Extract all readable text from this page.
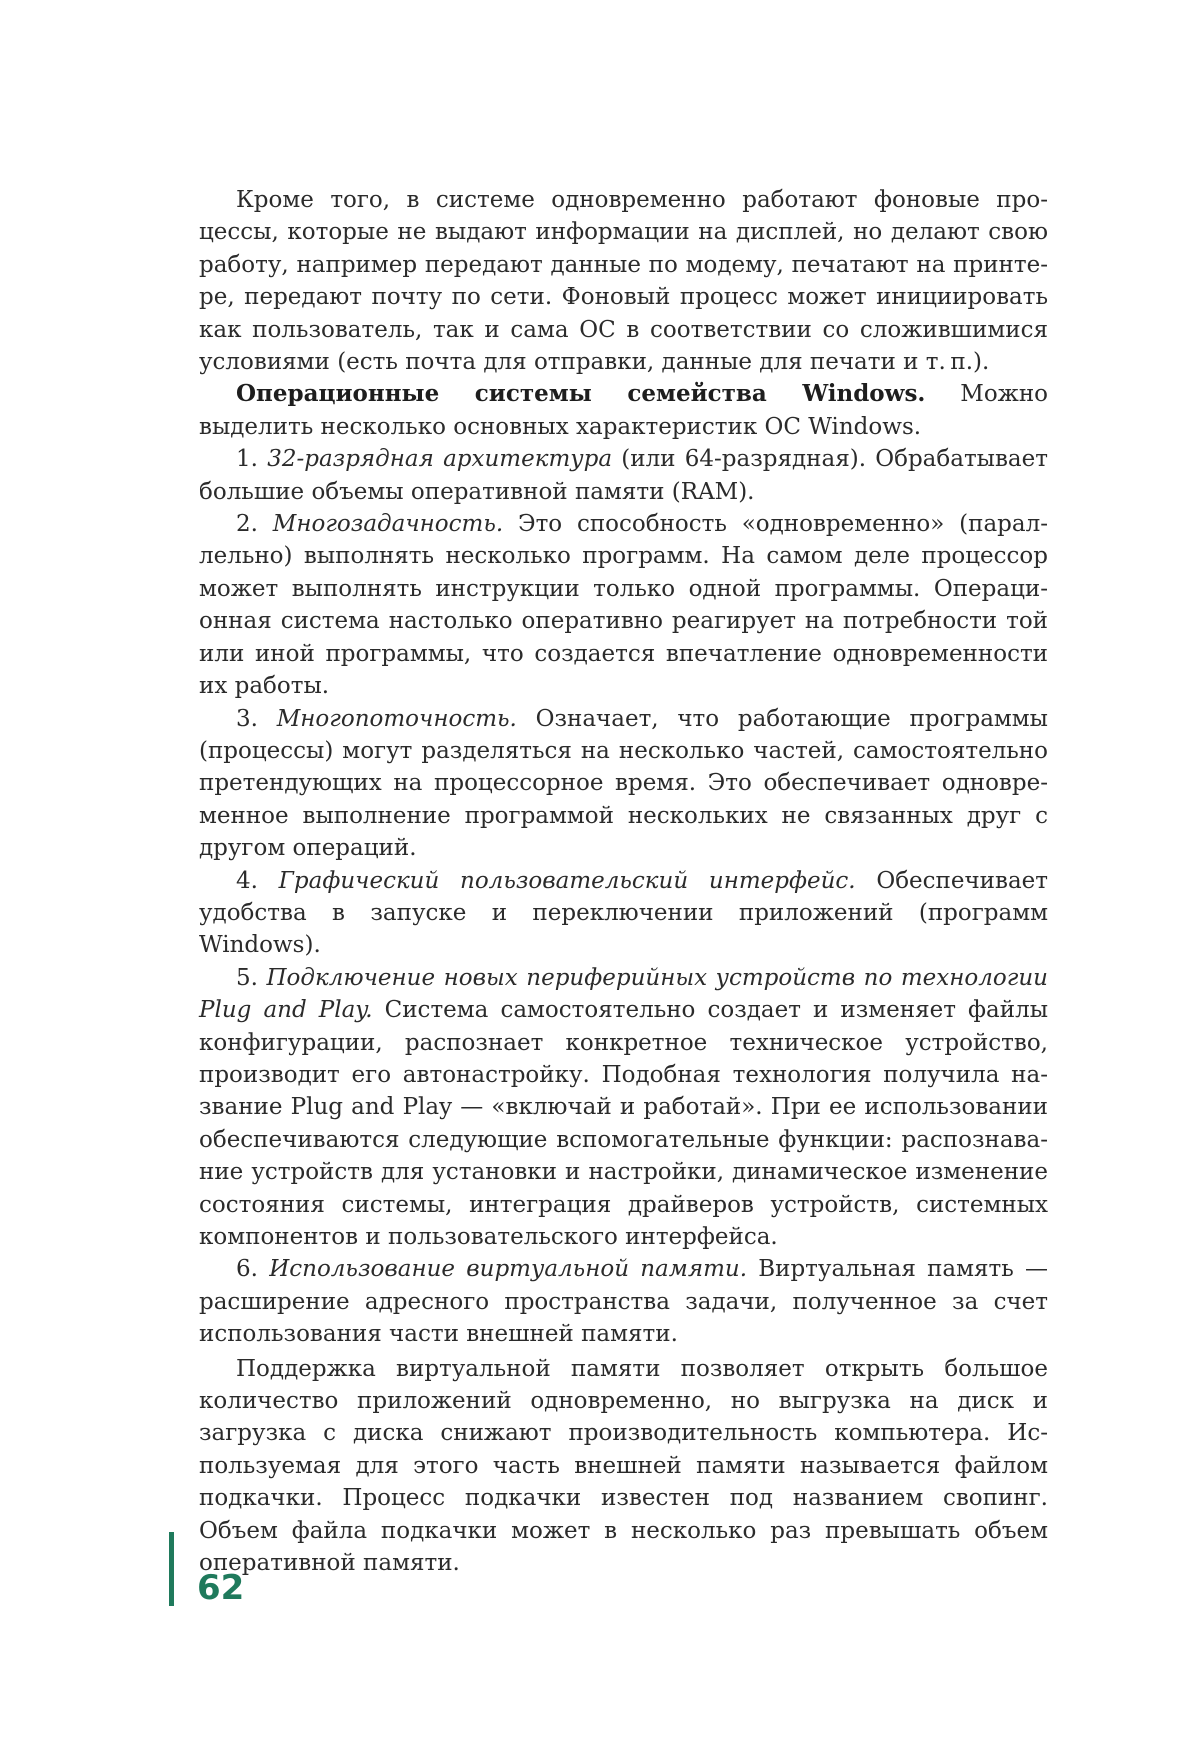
Кроме того, в системе одновременно работают фоновые процессы, которые не выдают информации на дисплей, но делают свою работу, например передают данные по модему, печатают на принтере, передают почту по сети. Фоновый процесс может инициировать как пользователь, так и сама ОС в соответствии со сложившимися условиями (есть почта для отправки, данные для печати и т. п.).

Операционные системы семейства Windows. Можно выделить несколько основных характеристик ОС Windows.

1. 32-разрядная архитектура (или 64-разрядная). Обрабатывает большие объемы оперативной памяти (RAM).

2. Многозадачность. Это способность «одновременно» (параллельно) выполнять несколько программ. На самом деле процессор может выполнять инструкции только одной программы. Операционная система настолько оперативно реагирует на потребности той или иной программы, что создается впечатление одновременности их работы.

3. Многопоточность. Означает, что работающие программы (процессы) могут разделяться на несколько частей, самостоятельно претендующих на процессорное время. Это обеспечивает одновременное выполнение программой нескольких не связанных друг с другом операций.

4. Графический пользовательский интерфейс. Обеспечивает удобства в запуске и переключении приложений (программ Windows).

5. Подключение новых периферийных устройств по технологии Plug and Play. Система самостоятельно создает и изменяет файлы конфигурации, распознает конкретное техническое устройство, производит его автонастройку. Подобная технология получила название Plug and Play — «включай и работай». При ее использовании обеспечиваются следующие вспомогательные функции: распознавание устройств для установки и настройки, динамическое изменение состояния системы, интеграция драйверов устройств, системных компонентов и пользовательского интерфейса.

6. Использование виртуальной памяти. Виртуальная память — расширение адресного пространства задачи, полученное за счет использования части внешней памяти.

Поддержка виртуальной памяти позволяет открыть большое количество приложений одновременно, но выгрузка на диск и загрузка с диска снижают производительность компьютера. Используемая для этого часть внешней памяти называется файлом подкачки. Процесс подкачки известен под названием свопинг. Объем файла подкачки может в несколько раз превышать объем оперативной памяти.

62
